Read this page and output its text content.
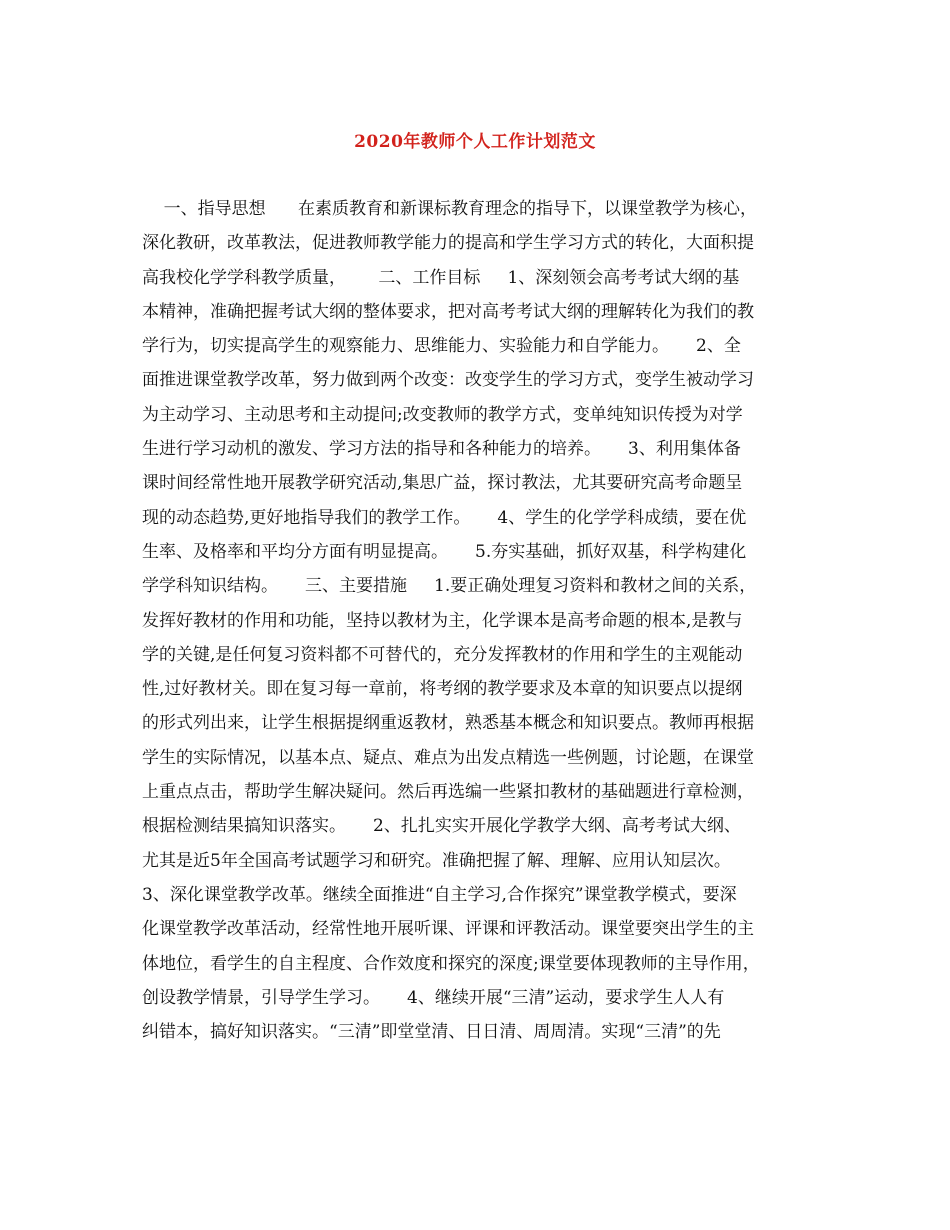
2020年教师个人工作计划范文
一、指导思想      在素质教育和新课标教育理念的指导下，以课堂教学为核心，
深化教研，改革教法，促进教师教学能力的提高和学生学习方式的转化，大面积提
高我校化学学科教学质量，      二、工作目标     1、深刻领会高考考试大纲的基
本精神，准确把握考试大纲的整体要求，把对高考考试大纲的理解转化为我们的教
学行为，切实提高学生的观察能力、思维能力、实验能力和自学能力。     2、全
面推进课堂教学改革，努力做到两个改变：改变学生的学习方式，变学生被动学习
为主动学习、主动思考和主动提问;改变教师的教学方式，变单纯知识传授为对学
生进行学习动机的激发、学习方法的指导和各种能力的培养。     3、利用集体备
课时间经常性地开展教学研究活动,集思广益，探讨教法，尤其要研究高考命题呈
现的动态趋势,更好地指导我们的教学工作。     4、学生的化学学科成绩，要在优
生率、及格率和平均分方面有明显提高。     5.夯实基础，抓好双基，科学构建化
学学科知识结构。     三、主要措施     1.要正确处理复习资料和教材之间的关系，
发挥好教材的作用和功能，坚持以教材为主，化学课本是高考命题的根本,是教与
学的关键,是任何复习资料都不可替代的，充分发挥教材的作用和学生的主观能动
性,过好教材关。即在复习每一章前，将考纲的教学要求及本章的知识要点以提纲
的形式列出来，让学生根据提纲重返教材，熟悉基本概念和知识要点。教师再根据
学生的实际情况，以基本点、疑点、难点为出发点精选一些例题，讨论题，在课堂
上重点点击，帮助学生解决疑问。然后再选编一些紧扣教材的基础题进行章检测，
根据检测结果搞知识落实。     2、扎扎实实开展化学教学大纲、高考考试大纲、
尤其是近5年全国高考试题学习和研究。准确把握了解、理解、应用认知层次。
3、深化课堂教学改革。继续全面推进“自主学习,合作探究”课堂教学模式，要深
化课堂教学改革活动，经常性地开展听课、评课和评教活动。课堂要突出学生的主
体地位，看学生的自主程度、合作效度和探究的深度;课堂要体现教师的主导作用，
创设教学情景，引导学生学习。     4、继续开展“三清”运动，要求学生人人有
纠错本，搞好知识落实。“三清”即堂堂清、日日清、周周清。实现“三清”的先
